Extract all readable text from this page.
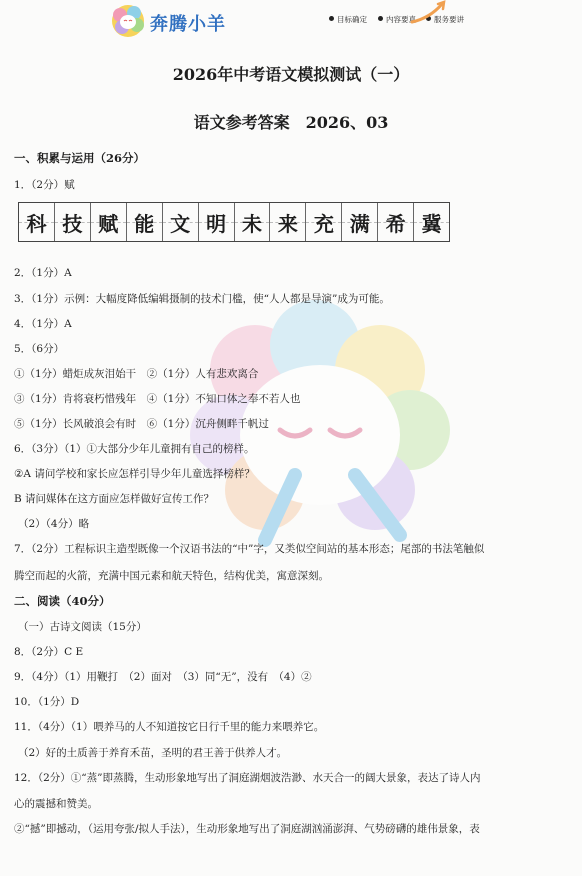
奔腾小羊	目标确定	内容要真	服务要讲
2026年中考语文模拟测试（一）
语文参考答案　2026、03
科 技 赋 能 文 明 未 来 充 满 希 冀
一、积累与运用（26分）
1．（2分）赋
2．（1分）A
3．（1分）示例：大幅度降低编辑摄制的技术门槛，使“人人都是导演”成为可能。
4．（1分）A
5．（6分）
①（1分）蜡炬成灰泪始干　②（1分）人有悲欢离合
③（1分）肯将衰朽惜残年　④（1分）不知口体之奉不若人也
⑤（1分）长风破浪会有时　⑥（1分）沉舟侧畔千帆过
6．（3分）（1）①大部分少年儿童拥有自己的榜样。
②A 请问学校和家长应怎样引导少年儿童选择榜样？
B 请问媒体在这方面应怎样做好宣传工作？
（2）（4分）略
7．（2分）工程标识主造型既像一个汉语书法的“中”字，又类似空间站的基本形态；尾部的书法笔触似
腾空而起的火箭，充满中国元素和航天特色，结构优美，寓意深刻。
二、阅读（40分）
（一）古诗文阅读（15分）
8．（2分）C E
9．（4分）（1）用鞭打　（2）面对　（3）同“无”，没有　（4）②
10．（1分）D
11．（4分）（1）喂养马的人不知道按它日行千里的能力来喂养它。
（2）好的土质善于养育禾苗，圣明的君王善于供养人才。
12．（2分）①“蒸”即蒸腾，生动形象地写出了洞庭湖烟波浩渺、水天合一的阔大景象，表达了诗人内
心的震撼和赞美。
②“撼”即撼动，（运用夸张/拟人手法），生动形象地写出了洞庭湖汹涌澎湃、气势磅礴的雄伟景象，表
